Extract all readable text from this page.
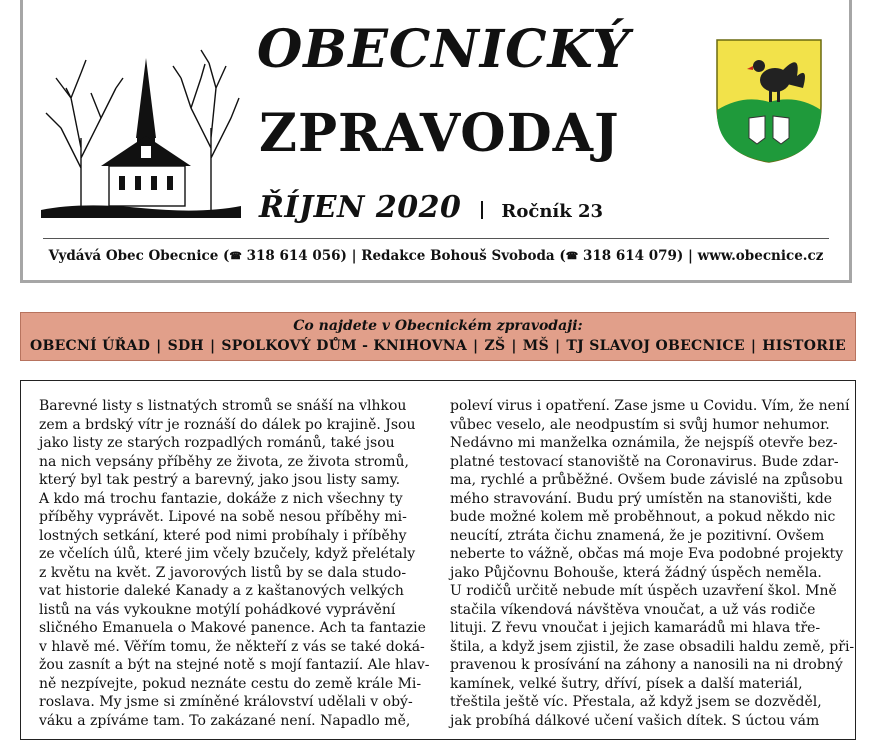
OBECNICKÝ
ZPRAVODAJ
ŘÍJEN 2020 Ročník 23
Vydává Obec Obecnice (☎ 318 614 056) | Redakce Bohouš Svoboda (☎ 318 614 079) | www.obecnice.cz
Co najdete v Obecnickém zpravodaji:
OBECNÍ ÚŘAD | SDH | SPOLKOVÝ DŮM - KNIHOVNA | ZŠ | MŠ | TJ SLAVOJ OBECNICE | HISTORIE

Barevné listy s listnatých stromů se snáší na vlhkou

zem a brdský vítr je roznáší do dálek po krajině. Jsou

jako listy ze starých rozpadlých románů, také jsou

na nich vepsány příběhy ze života, ze života stromů,

který byl tak pestrý a barevný, jako jsou listy samy.

A kdo má trochu fantazie, dokáže z nich všechny ty

příběhy vyprávět. Lipové na sobě nesou příběhy mi-

lostných setkání, které pod nimi probíhaly i příběhy

ze včelích úlů, které jim včely bzučely, když přelétaly

z květu na květ. Z javorových listů by se dala studo-

vat historie daleké Kanady a z kaštanových velkých

listů na vás vykoukne motýlí pohádkové vyprávění

sličného Emanuela o Makové panence. Ach ta fantazie

v hlavě mé. Věřím tomu, že někteří z vás se také doká-

žou zasnít a být na stejné notě s mojí fantazií. Ale hlav-

ně nezpívejte, pokud neznáte cestu do země krále Mi-

roslava. My jsme si zmíněné království udělali v obý-

váku a zpíváme tam. To zakázané není. Napadlo mě,

poleví virus i opatření. Zase jsme u Covidu. Vím, že není

vůbec veselo, ale neodpustím si svůj humor nehumor.

Nedávno mi manželka oznámila, že nejspíš otevře bez-

platné testovací stanoviště na Coronavirus. Bude zdar-

ma, rychlé a průběžné. Ovšem bude závislé na způsobu

mého stravování. Budu prý umístěn na stanovišti, kde

bude možné kolem mě proběhnout, a pokud někdo nic

neucítí, ztráta čichu znamená, že je pozitivní. Ovšem

neberte to vážně, občas má moje Eva podobné projekty

jako Půjčovnu Bohouše, která žádný úspěch neměla.

U rodičů určitě nebude mít úspěch uzavření škol. Mně

stačila víkendová návštěva vnoučat, a už vás rodiče

lituji. Z řevu vnoučat i jejich kamarádů mi hlava tře-

štila, a když jsem zjistil, že zase obsadili haldu země, při-

pravenou k prosívání na záhony a nanosili na ni drobný

kamínek, velké šutry, dříví, písek a další materiál,

třeštila ještě víc. Přestala, až když jsem se dozvěděl,

jak probíhá dálkové učení vašich dítek. S úctou vám
